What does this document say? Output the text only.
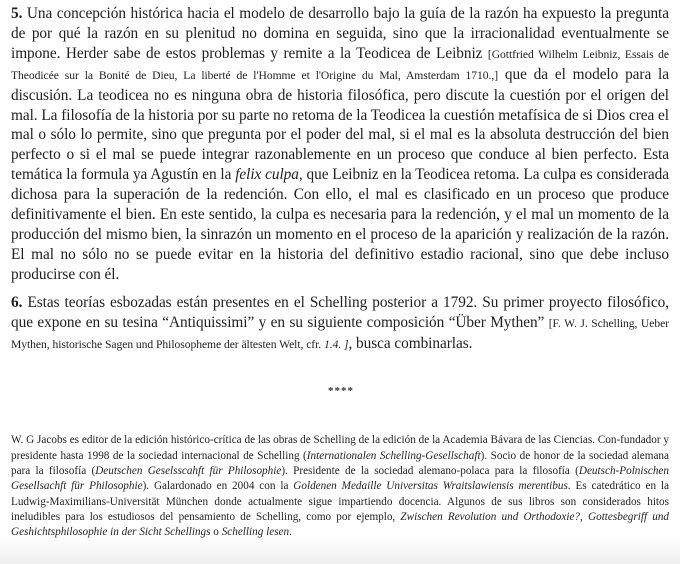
5. Una concepción histórica hacia el modelo de desarrollo bajo la guía de la razón ha expuesto la pregunta de por qué la razón en su plenitud no domina en seguida, sino que la irracionalidad eventualmente se impone. Herder sabe de estos problemas y remite a la Teodicea de Leibniz [Gottfried Wilhelm Leibniz, Essais de Theodicée sur la Bonité de Dieu, La liberté de l'Homme et l'Origine du Mal, Amsterdam 1710.,] que da el modelo para la discusión. La teodicea no es ninguna obra de historia filosófica, pero discute la cuestión por el origen del mal. La filosofía de la historia por su parte no retoma de la Teodicea la cuestión metafísica de si Dios crea el mal o sólo lo permite, sino que pregunta por el poder del mal, si el mal es la absoluta destrucción del bien perfecto o si el mal se puede integrar razonablemente en un proceso que conduce al bien perfecto. Esta temática la formula ya Agustín en la felix culpa, que Leibniz en la Teodicea retoma. La culpa es considerada dichosa para la superación de la redención. Con ello, el mal es clasificado en un proceso que produce definitivamente el bien. En este sentido, la culpa es necesaria para la redención, y el mal un momento de la producción del mismo bien, la sinrazón un momento en el proceso de la aparición y realización de la razón. El mal no sólo no se puede evitar en la historia del definitivo estadio racional, sino que debe incluso producirse con él.

6. Estas teorías esbozadas están presentes en el Schelling posterior a 1792. Su primer proyecto filosófico, que expone en su tesina “Antiquissimi” y en su siguiente composición “Über Mythen” [F. W. J. Schelling, Ueber Mythen, historische Sagen und Philosopheme der ältesten Welt, cfr. 1.4. ], busca combinarlas.

****

W. G Jacobs es editor de la edición histórico-crítica de las obras de Schelling de la edición de la Academia Bávara de las Ciencias. Con-fundador y presidente hasta 1998 de la sociedad internacional de Schelling (Internationalen Schelling-Gesellschaft). Socio de honor de la sociedad alemana para la filosofía (Deutschen Geselsscahft für Philosophie). Presidente de la sociedad alemano-polaca para la filosofía (Deutsch-Polnischen Gesellsachft für Philosophie). Galardonado en 2004 con la Goldenen Medaille Universitas Wraitslawiensis merentibus. Es catedrático en la Ludwig-Maximilians-Universität München donde actualmente sigue impartiendo docencia. Algunos de sus libros son considerados hitos ineludibles para los estudiosos del pensamiento de Schelling, como por ejemplo, Zwischen Revolution und Orthodoxie?, Gottesbegriff und Geshichtsphilosophie in der Sicht Schellings o Schelling lesen.
